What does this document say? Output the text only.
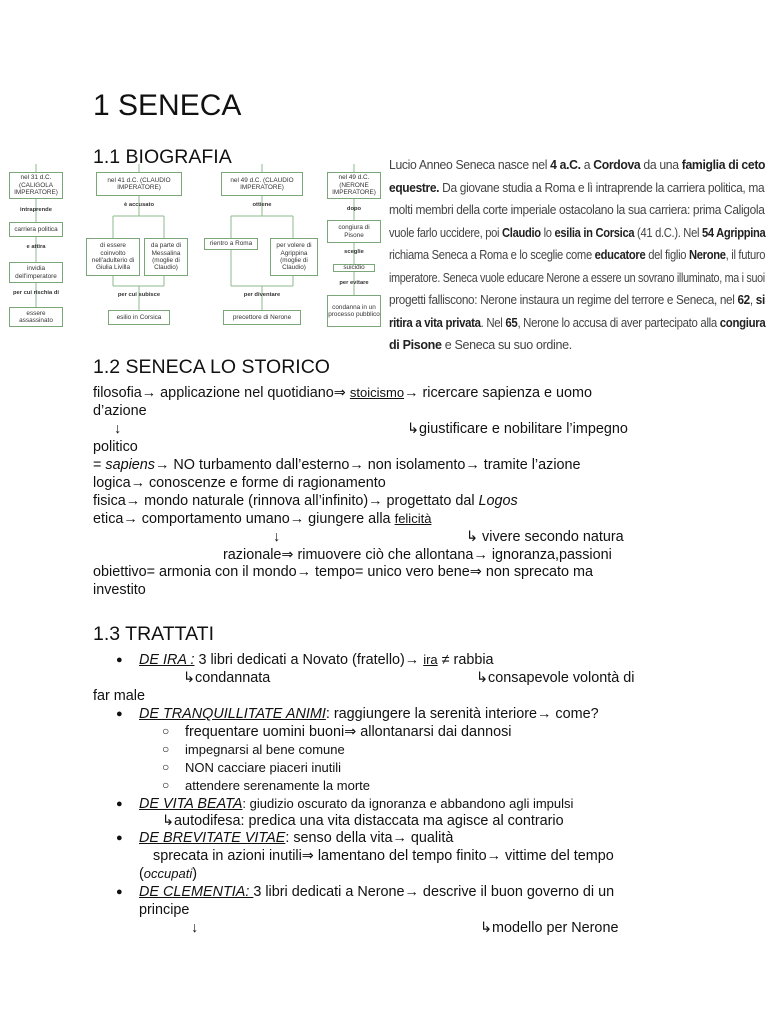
1 SENECA
1.1 BIOGRAFIA
nel 31 d.C. (CALIGOLA IMPERATORE)
intraprende
carriera politica
e attira
invidia dell'imperatore
per cui rischia di
essere assassinato
nel 41 d.C. (CLAUDIO IMPERATORE)
è accusato
di essere coinvolto nell'adulterio di Giulia Livilla
da parte di Messalina (moglie di Claudio)
per cui subisce
esilio in Corsica
nel 49 d.C. (CLAUDIO IMPERATORE)
ottiene
rientro a Roma	per volere di Agrippina (moglie di Claudio)
per diventare
precettore di Nerone
nel 49 d.C. (NERONE IMPERATORE)
dopo
congiura di Pisone
sceglie
suicidio
per evitare
condanna in un processo pubblico
Lucio Anneo Seneca nasce nel 4 a.C. a Cordova da una famiglia di ceto
equestre. Da giovane studia a Roma e lì intraprende la carriera politica, ma
molti membri della corte imperiale ostacolano la sua carriera: prima Caligola
vuole farlo uccidere, poi Claudio lo esilia in Corsica (41 d.C.). Nel 54 Agrippina
richiama Seneca a Roma e lo sceglie come educatore del figlio Nerone, il futuro
imperatore. Seneca vuole educare Nerone a essere un sovrano illuminato, ma i suoi
progetti falliscono: Nerone instaura un regime del terrore e Seneca, nel 62, si
ritira a vita privata. Nel 65, Nerone lo accusa di aver partecipato alla congiura
di Pisone e Seneca su suo ordine.
1.2 SENECA LO STORICO
filosofia→ applicazione nel quotidiano⇒ stoicismo→ ricercare sapienza e uomo
d’azione
↓	↳giustificare e nobilitare l’impegno
politico
= sapiens→ NO turbamento dall’esterno→ non isolamento→ tramite l’azione
logica→ conoscenze e forme di ragionamento
fisica→ mondo naturale (rinnova all’infinito)→ progettato dal Logos
etica→ comportamento umano→ giungere alla felicità
↓	↳ vivere secondo natura
razionale⇒ rimuovere ciò che allontana→ ignoranza,passioni
obiettivo= armonia con il mondo→ tempo= unico vero bene⇒ non sprecato ma
investito
1.3 TRATTATI
● DE IRA : 3 libri dedicati a Novato (fratello)→ ira ≠ rabbia
↳condannata	↳consapevole volontà di
far male
● DE TRANQUILLITATE ANIMI: raggiungere la serenità interiore→ come?
○ frequentare uomini buoni⇒ allontanarsi dai dannosi
○ impegnarsi al bene comune
○ NON cacciare piaceri inutili
○ attendere serenamente la morte
● DE VITA BEATA: giudizio oscurato da ignoranza e abbandono agli impulsi
↳autodifesa: predica una vita distaccata ma agisce al contrario
● DE BREVITATE VITAE: senso della vita→ qualità
sprecata in azioni inutili⇒ lamentano del tempo finito→ vittime del tempo
(occupati)
● DE CLEMENTIA: 3 libri dedicati a Nerone→ descrive il buon governo di un
principe
↓	↳modello per Nerone
